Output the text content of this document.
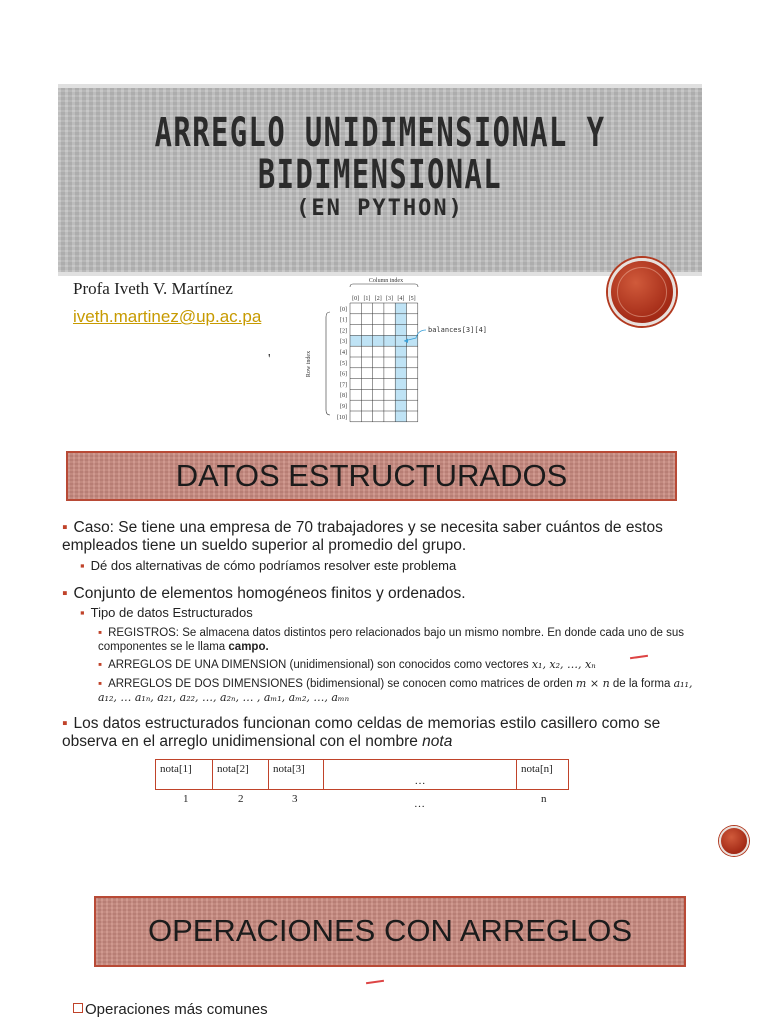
ARREGLO UNIDIMENSIONAL Y
BIDIMENSIONAL
(EN PYTHON)
Profa Iveth V. Martínez
iveth.martinez@up.ac.pa
'
Column index
Row index
[0] [1] [2] [3] [4] [5]
[0]
[1]
[2]
[3]
[4]
[5]
[6]
[7]
[8]
[9]
[10]
balances[3][4]
DATOS ESTRUCTURADOS
▪ Caso: Se tiene una empresa de 70 trabajadores y se necesita saber cuántos de estos empleados tiene un sueldo superior al promedio del grupo.
▪ Dé dos alternativas de cómo podríamos resolver este problema
▪ Conjunto de elementos homogéneos finitos y ordenados.
▪ Tipo de datos Estructurados
▪ REGISTROS: Se almacena datos distintos pero relacionados bajo un mismo nombre. En donde cada uno de sus componentes se le llama campo.
▪ ARREGLOS DE UNA DIMENSION (unidimensional) son conocidos como vectores x₁, x₂, …, xₙ
▪ ARREGLOS DE DOS DIMENSIONES (bidimensional) se conocen como matrices de orden m × n de la forma a₁₁, a₁₂, … a₁ₙ, a₂₁, a₂₂, …, a₂ₙ, … , aₘ₁, aₘ₂, …, aₘₙ
▪ Los datos estructurados funcionan como celdas de memorias estilo casillero como se observa en el arreglo unidimensional con el nombre nota
nota[1]	nota[2]	nota[3]	…	nota[n]
1	2	3	…	n
OPERACIONES CON ARREGLOS
Operaciones más comunes
